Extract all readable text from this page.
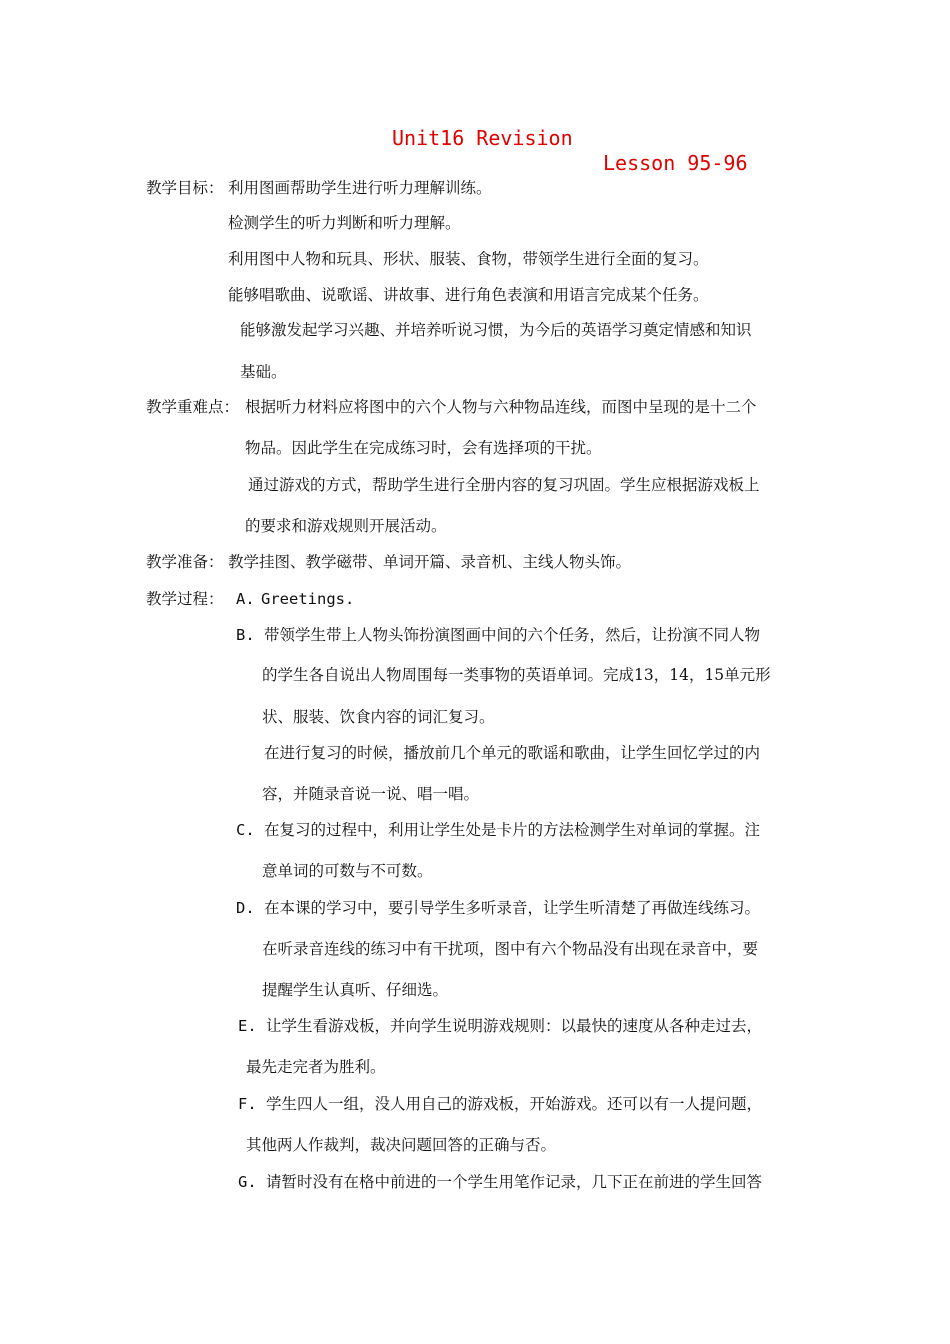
Unit16 Revision
Lesson 95-96
教学目标： 利用图画帮助学生进行听力理解训练。
检测学生的听力判断和听力理解。
利用图中人物和玩具、形状、服装、食物，带领学生进行全面的复习。
能够唱歌曲、说歌谣、讲故事、进行角色表演和用语言完成某个任务。
能够激发起学习兴趣、并培养听说习惯，为今后的英语学习奠定情感和知识
基础。
教学重难点： 根据听力材料应将图中的六个人物与六种物品连线，而图中呈现的是十二个
物品。因此学生在完成练习时，会有选择项的干扰。
通过游戏的方式，帮助学生进行全册内容的复习巩固。学生应根据游戏板上
的要求和游戏规则开展活动。
教学准备： 教学挂图、教学磁带、单词开篇、录音机、主线人物头饰。
教学过程： A. Greetings.
B. 带领学生带上人物头饰扮演图画中间的六个任务，然后，让扮演不同人物
的学生各自说出人物周围每一类事物的英语单词。完成13，14，15单元形
状、服装、饮食内容的词汇复习。
在进行复习的时候，播放前几个单元的歌谣和歌曲，让学生回忆学过的内
容，并随录音说一说、唱一唱。
C. 在复习的过程中，利用让学生处是卡片的方法检测学生对单词的掌握。注
意单词的可数与不可数。
D. 在本课的学习中，要引导学生多听录音，让学生听清楚了再做连线练习。
在听录音连线的练习中有干扰项，图中有六个物品没有出现在录音中，要
提醒学生认真听、仔细选。
E. 让学生看游戏板，并向学生说明游戏规则：以最快的速度从各种走过去，
最先走完者为胜利。
F. 学生四人一组，没人用自己的游戏板，开始游戏。还可以有一人提问题，
其他两人作裁判，裁决问题回答的正确与否。
G. 请暂时没有在格中前进的一个学生用笔作记录，几下正在前进的学生回答
